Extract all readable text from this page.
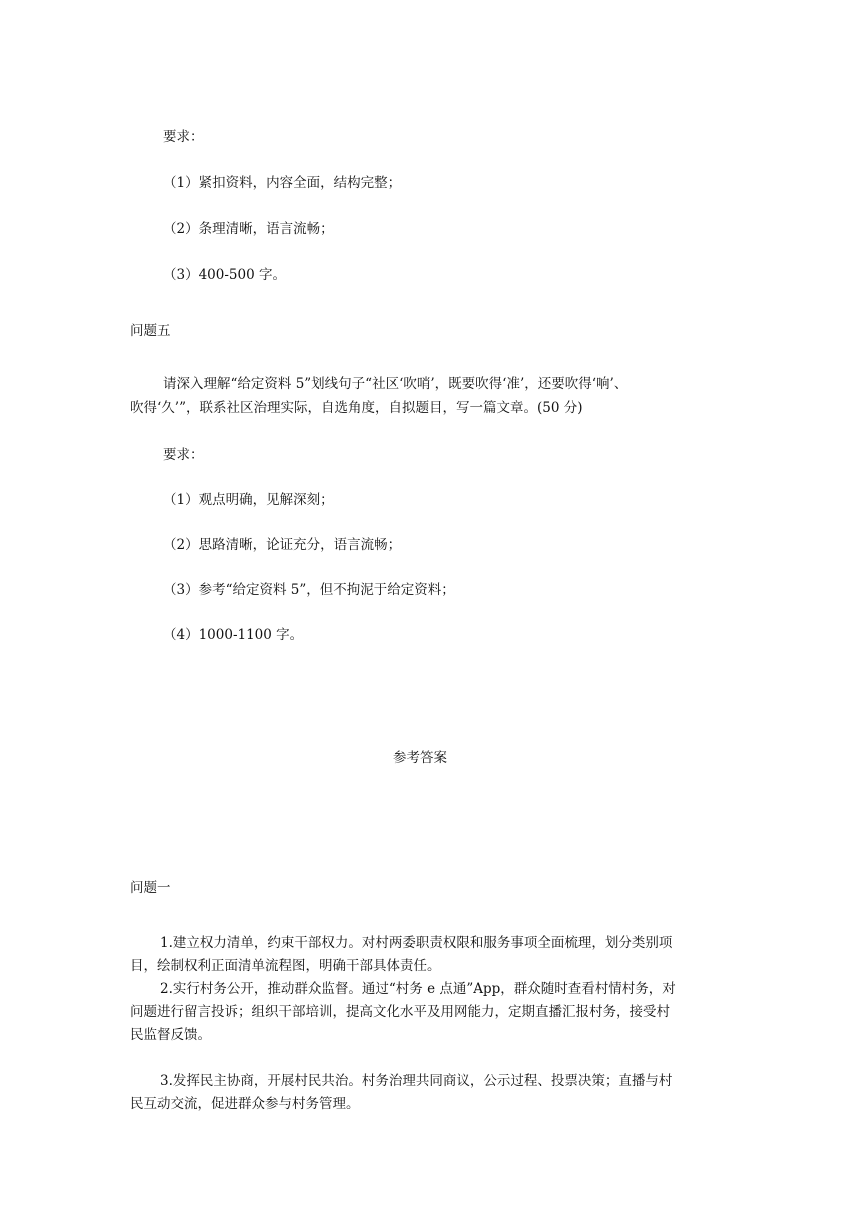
要求：
（1）紧扣资料，内容全面，结构完整；
（2）条理清晰，语言流畅；
（3）400-500 字。
问题五
请深入理解“给定资料 5”划线句子“社区‘吹哨’，既要吹得‘准’，还要吹得‘响’、
吹得‘久’”，联系社区治理实际，自选角度，自拟题目，写一篇文章。(50 分)
要求：
（1）观点明确，见解深刻；
（2）思路清晰，论证充分，语言流畅；
（3）参考“给定资料 5”，但不拘泥于给定资料；
（4）1000-1100 字。
参考答案
问题一
1.建立权力清单，约束干部权力。对村两委职责权限和服务事项全面梳理，划分类别项
目，绘制权利正面清单流程图，明确干部具体责任。
2.实行村务公开，推动群众监督。通过“村务 e 点通”App，群众随时查看村情村务，对
问题进行留言投诉；组织干部培训，提高文化水平及用网能力，定期直播汇报村务，接受村
民监督反馈。
3.发挥民主协商，开展村民共治。村务治理共同商议，公示过程、投票决策；直播与村
民互动交流，促进群众参与村务管理。
